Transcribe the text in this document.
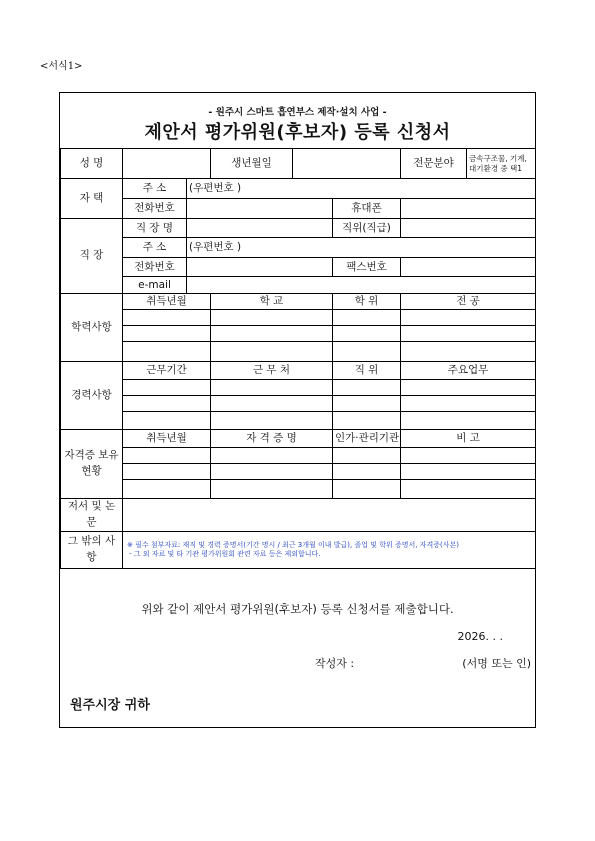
<서식1>
- 원주시 스마트 흡연부스 제작·설치 사업 -
제안서 평가위원(후보자) 등록 신청서
성 명			생년월일			전문분야	금속구조물, 기계, 대기환경 중 택1
자 택	주 소	(우편번호 )					
	전화번호				휴대폰		
직 장	직 장 명				직위(직급)		
	주 소	(우편번호 )					
	전화번호				팩스번호		
	e-mail						
학력사항	취득년월		학 교		학 위	전 공	

경력사항	근무기간		근 무 처		직 위	주요업무	

자격증 보유현황	취득년월		자 격 증 명		인가·관리기관	비 고	

저서 및 논문							
그 밖의 사항	※ 필수 첨부자료: 재직 및 경력 증명서(기간 명시 / 최근 3개월 이내 발급), 졸업 및 학위 증명서, 자격증(사본)
- 그 외 자료 및 타 기관 평가위원회 관련 자료 등은 제외합니다.						
위와 같이 제안서 평가위원(후보자) 등록 신청서를 제출합니다.
2026. . .
작성자 :	(서명 또는 인)
원주시장 귀하
